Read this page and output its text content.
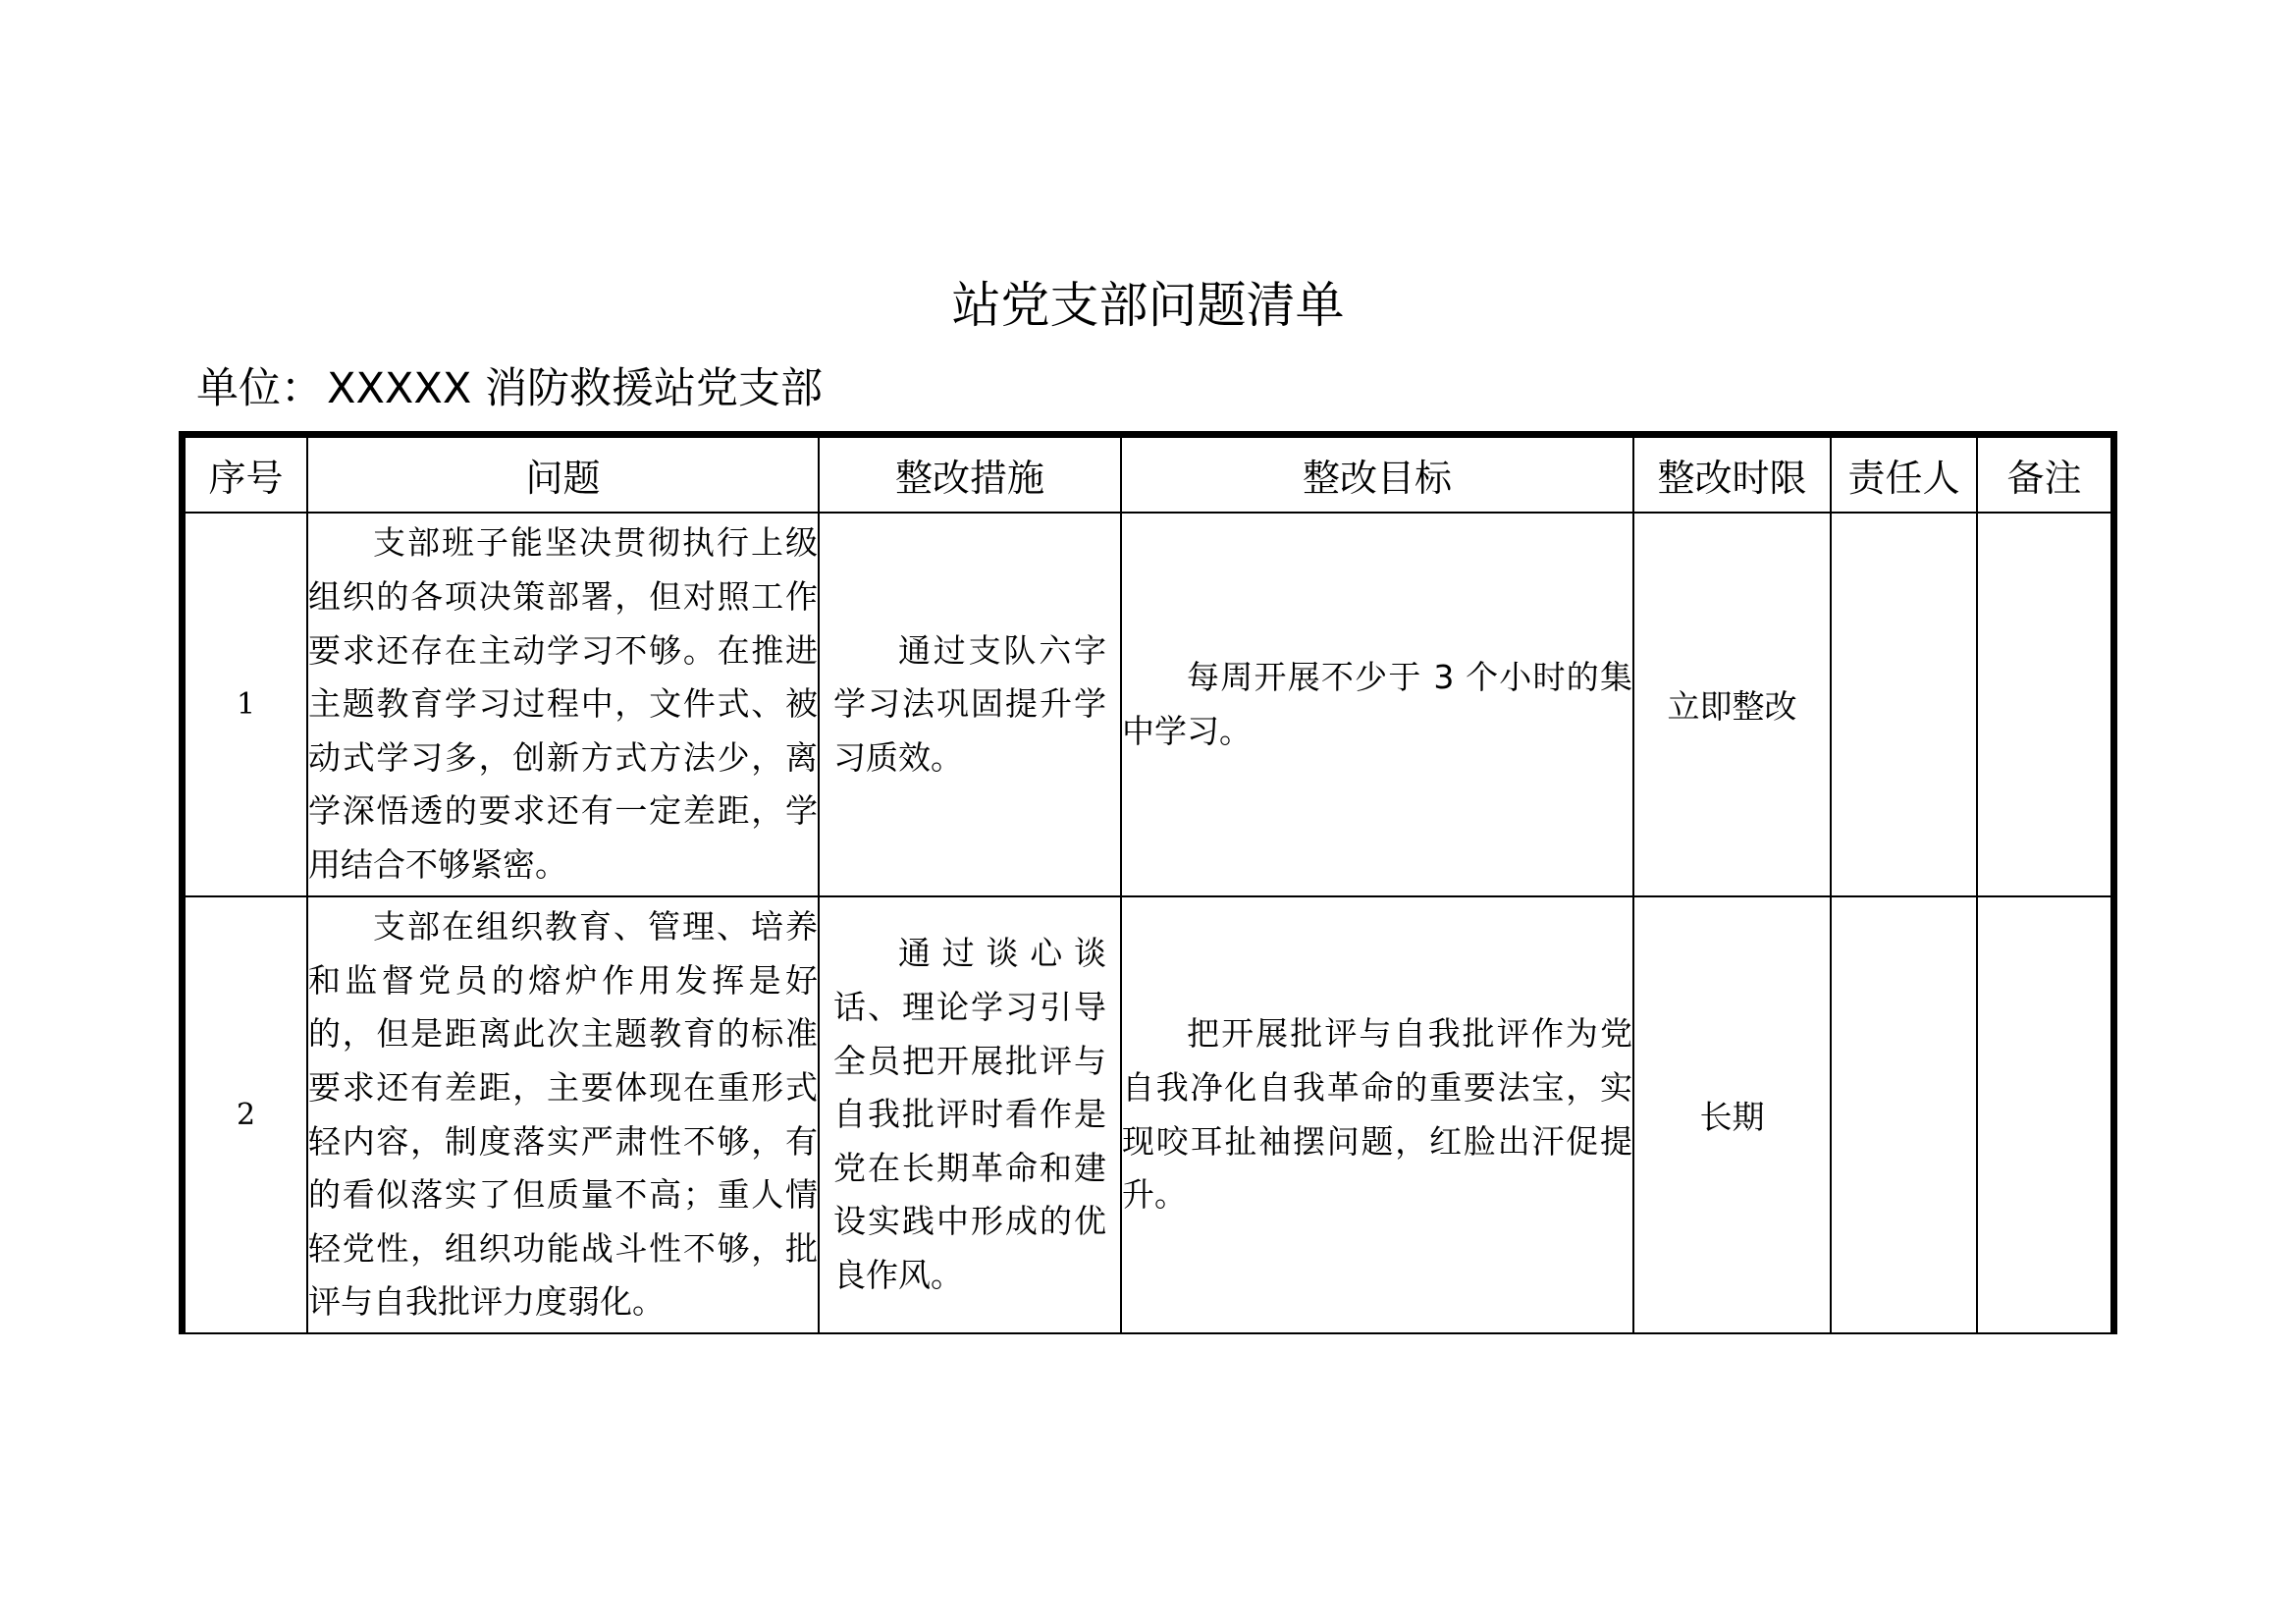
站党支部问题清单
单位：XXXXX 消防救援站党支部
序号	问题	整改措施	整改目标	整改时限	责任人	备注
1	支部班子能坚决贯彻执行上级组织的各项决策部署，但对照工作要求还存在主动学习不够。在推进主题教育学习过程中，文件式、被动式学习多，创新方式方法少，离学深悟透的要求还有一定差距，学用结合不够紧密。	通过支队六字学习法巩固提升学习质效。	每周开展不少于 3 个小时的集中学习。	立即整改		
2	支部在组织教育、管理、培养和监督党员的熔炉作用发挥是好的，但是距离此次主题教育的标准要求还有差距，主要体现在重形式轻内容，制度落实严肃性不够，有的看似落实了但质量不高；重人情轻党性，组织功能战斗性不够，批评与自我批评力度弱化。	通过谈心谈话、理论学习引导全员把开展批评与自我批评时看作是党在长期革命和建设实践中形成的优良作风。	把开展批评与自我批评作为党自我净化自我革命的重要法宝，实现咬耳扯袖摆问题，红脸出汗促提升。	长期		
